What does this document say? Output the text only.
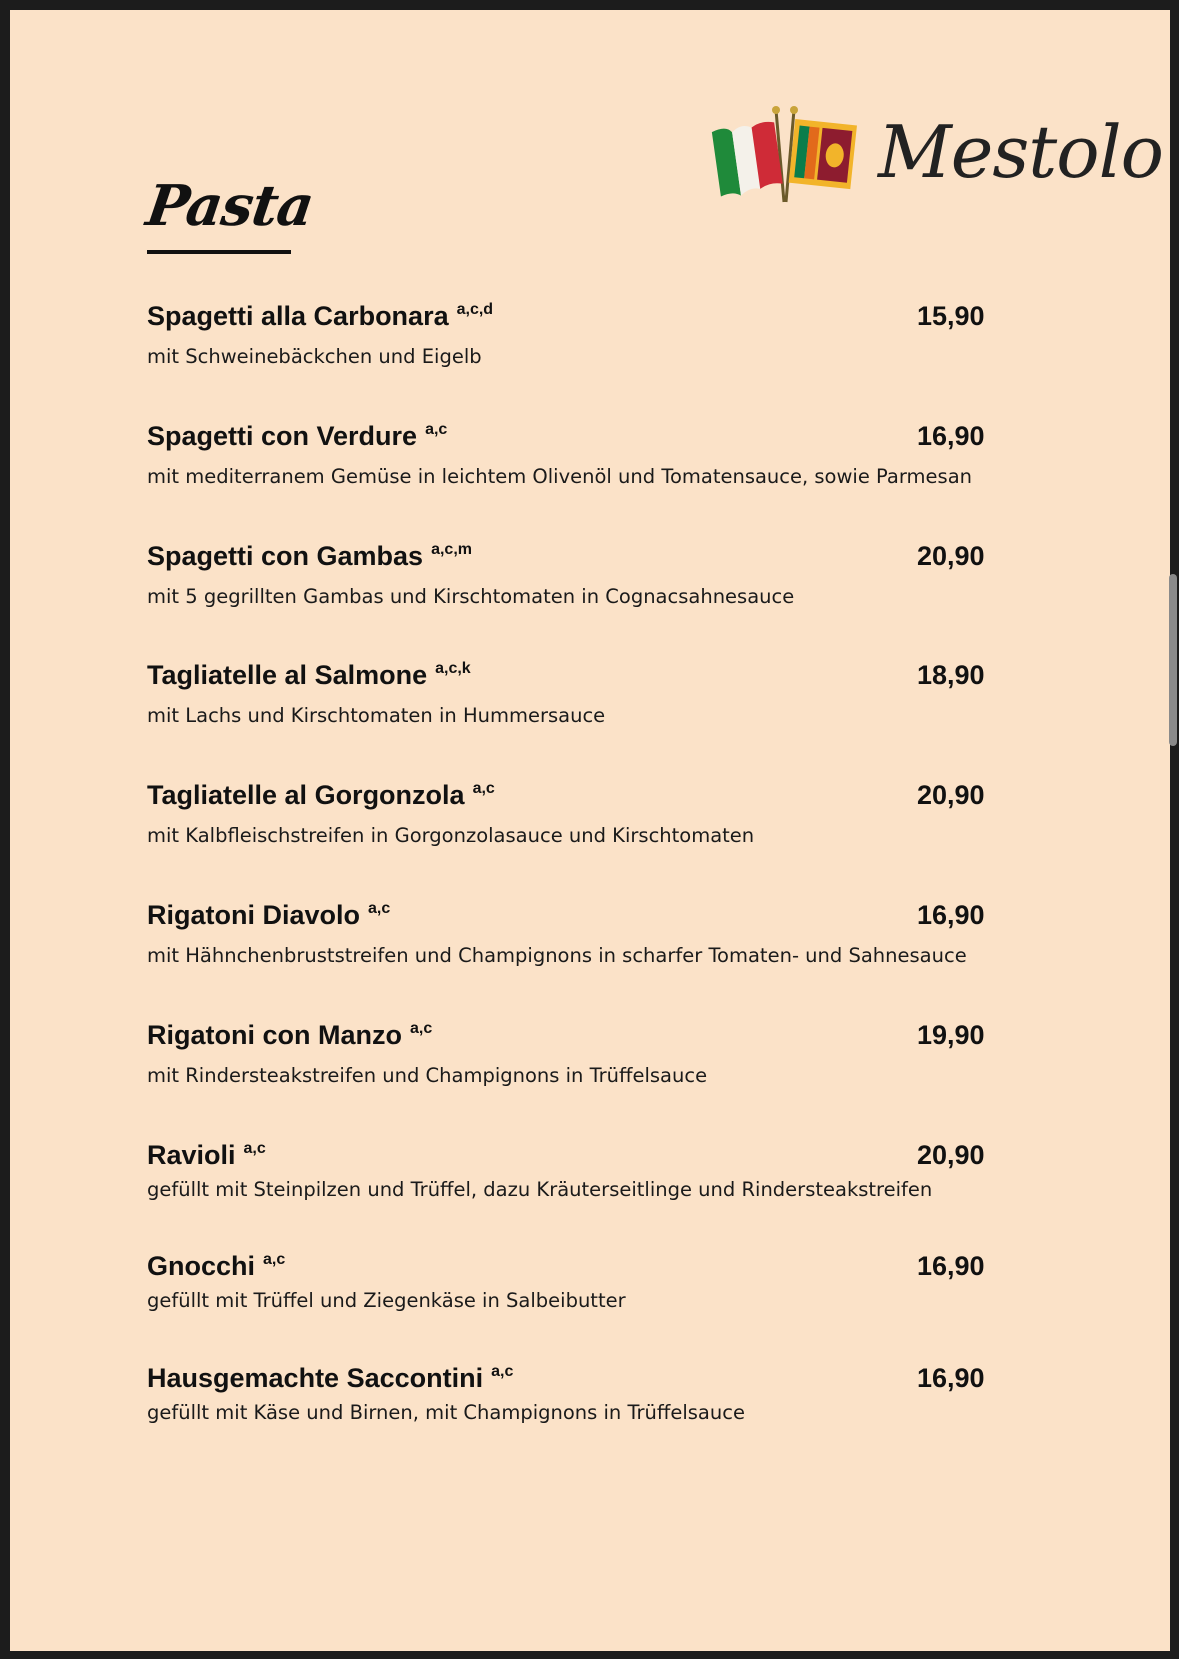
Mestolo
Pasta
Spagetti alla Carbonara $^{a,c,d}$	15,90
mit Schweinebäckchen und Eigelb
Spagetti con Verdure $^{a,c}$	16,90
mit mediterranem Gemüse in leichtem Olivenöl und Tomatensauce, sowie Parmesan
Spagetti con Gambas $^{a,c,m}$	20,90
mit 5 gegrillten Gambas und Kirschtomaten in Cognacsahnesauce
Tagliatelle al Salmone $^{a,c,k}$	18,90
mit Lachs und Kirschtomaten in Hummersauce
Tagliatelle al Gorgonzola $^{a,c}$	20,90
mit Kalbfleischstreifen in Gorgonzolasauce und Kirschtomaten
Rigatoni Diavolo $^{a,c}$	16,90
mit Hähnchenbruststreifen und Champignons in scharfer Tomaten- und Sahnesauce
Rigatoni con Manzo $^{a,c}$	19,90
mit Rindersteakstreifen und Champignons in Trüffelsauce
Ravioli $^{a,c}$	20,90
gefüllt mit Steinpilzen und Trüffel, dazu Kräuterseitlinge und Rindersteakstreifen
Gnocchi $^{a,c}$	16,90
gefüllt mit Trüffel und Ziegenkäse in Salbeibutter
Hausgemachte Saccontini $^{a,c}$	16,90
gefüllt mit Käse und Birnen, mit Champignons in Trüffelsauce
